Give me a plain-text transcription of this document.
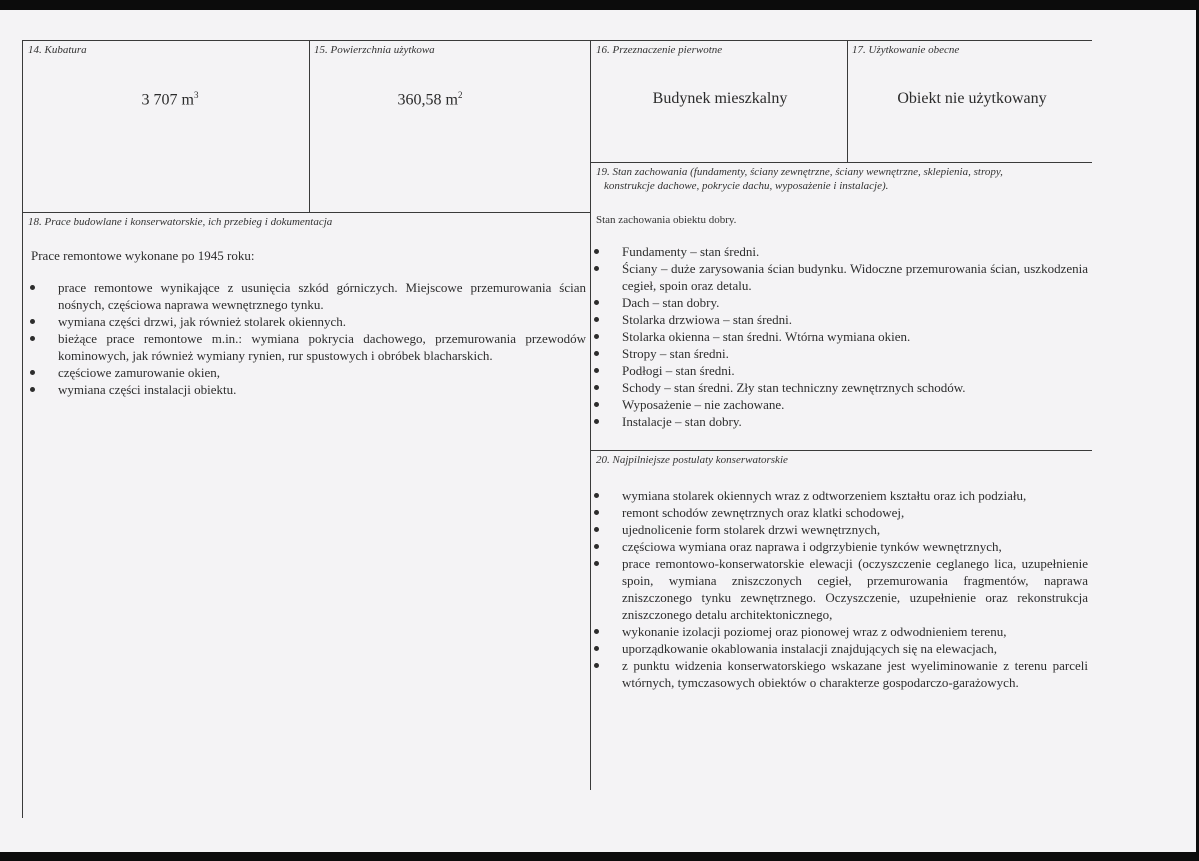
14. Kubatura
3 707 $m^3$
15. Powierzchnia użytkowa
360,58 $m^2$
16. Przeznaczenie pierwotne
Budynek mieszkalny
17. Użytkowanie obecne
Obiekt nie użytkowany
19. Stan zachowania (fundamenty, ściany zewnętrzne, ściany wewnętrzne, sklepienia, stropy,
konstrukcje dachowe, pokrycie dachu, wyposażenie i instalacje).
Stan zachowania obiektu dobry.
Fundamenty – stan średni.
Ściany – duże zarysowania ścian budynku. Widoczne przemurowania ścian, uszkodzenia cegieł, spoin oraz detalu.
Dach – stan dobry.
Stolarka drzwiowa – stan średni.
Stolarka okienna – stan średni. Wtórna wymiana okien.
Stropy – stan średni.
Podłogi – stan średni.
Schody – stan średni. Zły stan techniczny zewnętrznych schodów.
Wyposażenie – nie zachowane.
Instalacje – stan dobry.
18. Prace budowlane i konserwatorskie, ich przebieg i dokumentacja
Prace remontowe wykonane po 1945 roku:
prace remontowe wynikające z usunięcia szkód górniczych. Miejscowe przemurowania ścian nośnych, częściowa naprawa wewnętrznego tynku.
wymiana części drzwi, jak również stolarek okiennych.
bieżące prace remontowe m.in.: wymiana pokrycia dachowego, przemurowania przewodów kominowych, jak również wymiany rynien, rur spustowych i obróbek blacharskich.
częściowe zamurowanie okien,
wymiana części instalacji obiektu.
20. Najpilniejsze postulaty konserwatorskie
wymiana stolarek okiennych wraz z odtworzeniem kształtu oraz ich podziału,
remont schodów zewnętrznych oraz klatki schodowej,
ujednolicenie form stolarek drzwi wewnętrznych,
częściowa wymiana oraz naprawa i odgrzybienie tynków wewnętrznych,
prace remontowo-konserwatorskie elewacji (oczyszczenie ceglanego lica, uzupełnienie spoin, wymiana zniszczonych cegieł, przemurowania fragmentów, naprawa zniszczonego tynku zewnętrznego. Oczyszczenie, uzupełnienie oraz rekonstrukcja zniszczonego detalu architektonicznego,
wykonanie izolacji poziomej oraz pionowej wraz z odwodnieniem terenu,
uporządkowanie okablowania instalacji znajdujących się na elewacjach,
z punktu widzenia konserwatorskiego wskazane jest wyeliminowanie z terenu parceli wtórnych, tymczasowych obiektów o charakterze gospodarczo-garażowych.
